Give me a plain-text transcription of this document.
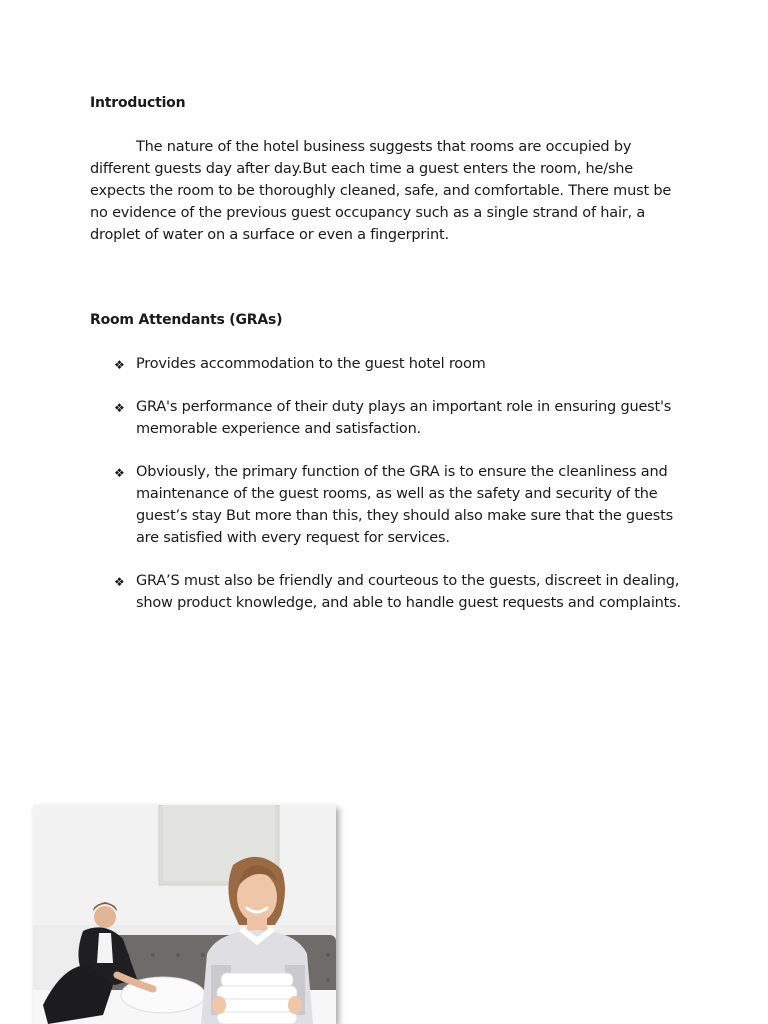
Introduction

The nature of the hotel business suggests that rooms are occupied by different guests day after day.But each time a guest enters the room, he/she expects the room to be thoroughly cleaned, safe, and comfortable. There must be no evidence of the previous guest occupancy such as a single strand of hair, a droplet of water on a surface or even a fingerprint.

Room Attendants (GRAs)
❖ Provides accommodation to the guest hotel room
❖ GRA's performance of their duty plays an important role in ensuring guest's memorable experience and satisfaction.
❖ Obviously, the primary function of the GRA is to ensure the cleanliness and maintenance of the guest rooms, as well as the safety and security of the guest’s stay But more than this, they should also make sure that the guests are satisfied with every request for services.
❖ GRA’S must also be friendly and courteous to the guests, discreet in dealing, show product knowledge, and able to handle guest requests and complaints.
